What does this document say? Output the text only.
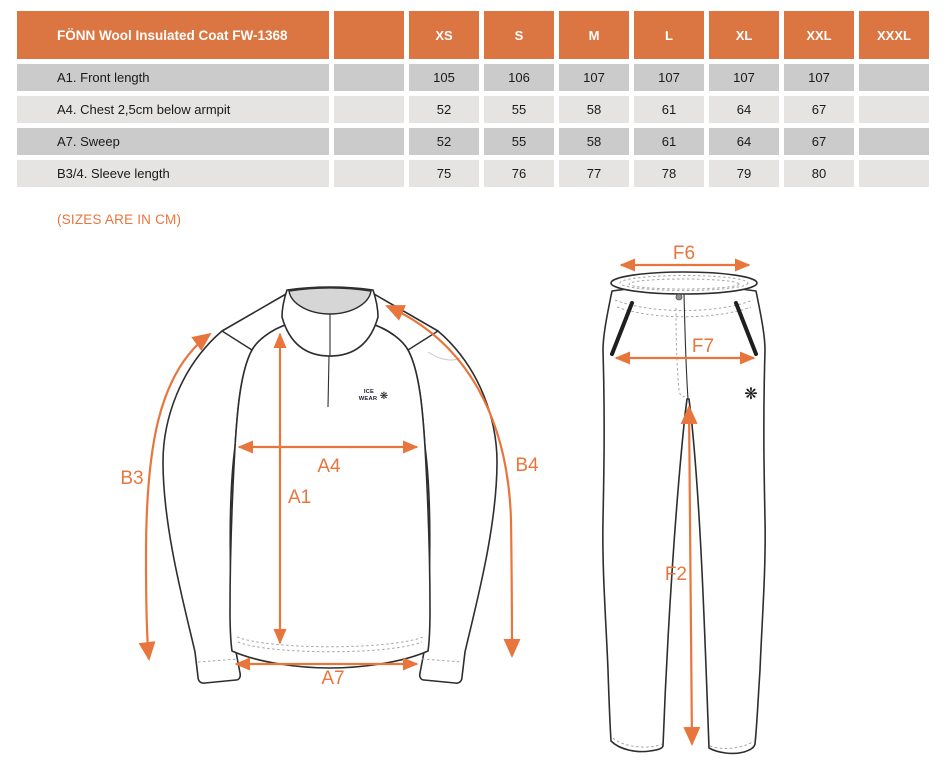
FÖNN Wool Insulated Coat FW-1368	XS	S	M	L	XL	XXL	XXXL
A1. Front length	105	106	107	107	107	107
A4. Chest 2,5cm below armpit	52	55	58	61	64	67
A7. Sweep	52	55	58	61	64	67
B3/4. Sleeve length	75	76	77	78	79	80
(SIZES ARE IN CM)
ICE
WEAR ❋
A4
A1
A7
B3
B4
❋
F6
F7
F2
